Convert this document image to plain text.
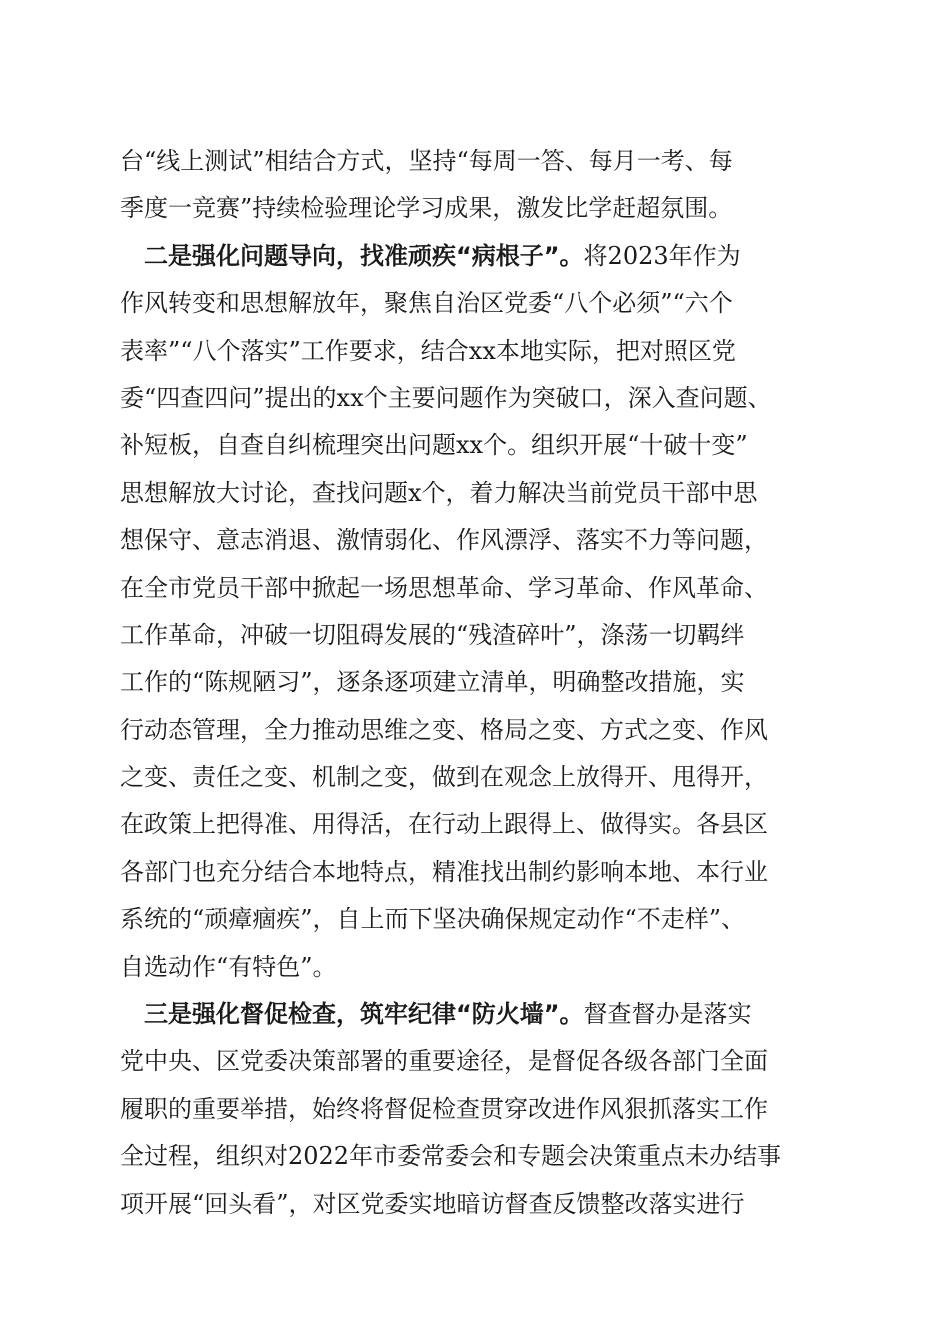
台“线上测试”相结合方式，坚持“每周一答、每月一考、每
季度一竞赛”持续检验理论学习成果，激发比学赶超氛围。
二是强化问题导向，找准顽疾“病根子”。将2023年作为
作风转变和思想解放年，聚焦自治区党委“八个必须”“六个
表率”“八个落实”工作要求，结合xx本地实际，把对照区党
委“四查四问”提出的xx个主要问题作为突破口，深入查问题、
补短板，自查自纠梳理突出问题xx个。组织开展“十破十变”
思想解放大讨论，查找问题x个，着力解决当前党员干部中思
想保守、意志消退、激情弱化、作风漂浮、落实不力等问题，
在全市党员干部中掀起一场思想革命、学习革命、作风革命、
工作革命，冲破一切阻碍发展的“残渣碎叶”，涤荡一切羁绊
工作的“陈规陋习”，逐条逐项建立清单，明确整改措施，实
行动态管理，全力推动思维之变、格局之变、方式之变、作风
之变、责任之变、机制之变，做到在观念上放得开、甩得开，
在政策上把得准、用得活，在行动上跟得上、做得实。各县区
各部门也充分结合本地特点，精准找出制约影响本地、本行业
系统的“顽瘴痼疾”，自上而下坚决确保规定动作“不走样”、
自选动作“有特色”。
三是强化督促检查，筑牢纪律“防火墙”。督查督办是落实
党中央、区党委决策部署的重要途径，是督促各级各部门全面
履职的重要举措，始终将督促检查贯穿改进作风狠抓落实工作
全过程，组织对2022年市委常委会和专题会决策重点未办结事
项开展“回头看”，对区党委实地暗访督查反馈整改落实进行
